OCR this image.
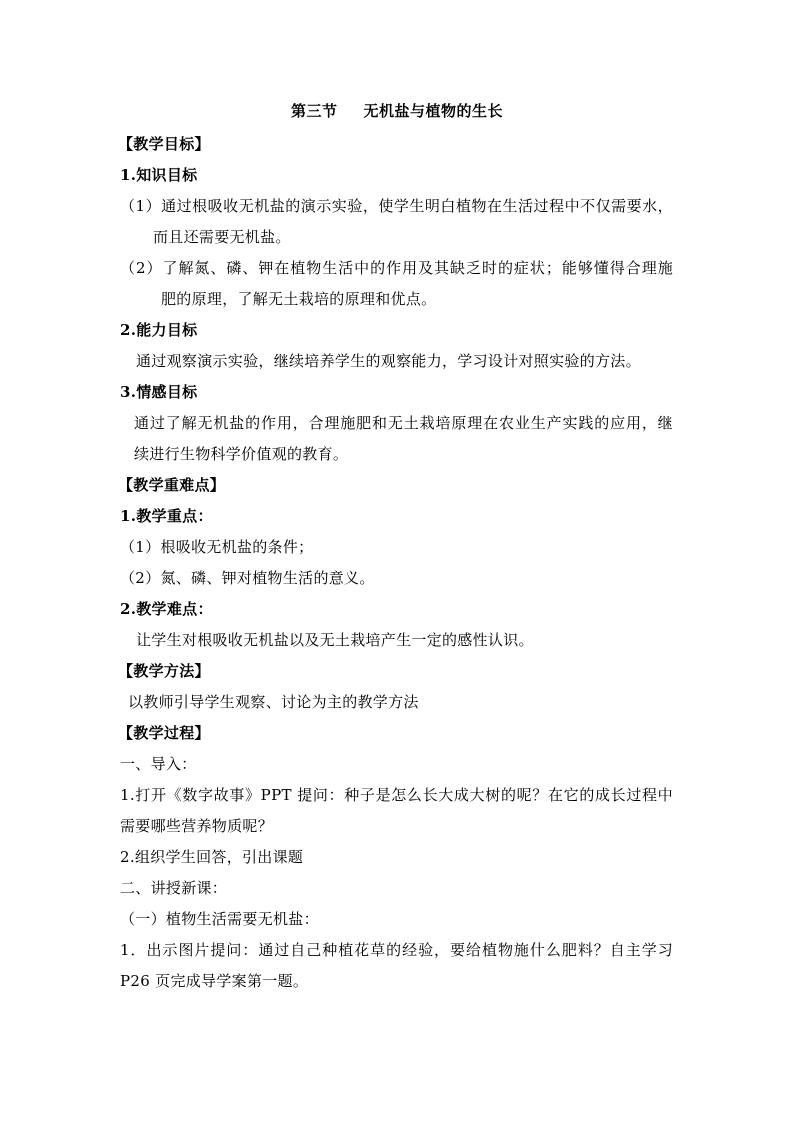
第三节 无机盐与植物的生长
【教学目标】
1.知识目标
（1）通过根吸收无机盐的演示实验，使学生明白植物在生活过程中不仅需要水，
而且还需要无机盐。
（2）了解氮、磷、钾在植物生活中的作用及其缺乏时的症状；能够懂得合理施
肥的原理，了解无土栽培的原理和优点。
2.能力目标
通过观察演示实验，继续培养学生的观察能力，学习设计对照实验的方法。
3.情感目标
通过了解无机盐的作用，合理施肥和无土栽培原理在农业生产实践的应用，继
续进行生物科学价值观的教育。
【教学重难点】
1.教学重点：
（1）根吸收无机盐的条件；
（2）氮、磷、钾对植物生活的意义。
2.教学难点：
让学生对根吸收无机盐以及无土栽培产生一定的感性认识。
【教学方法】
以教师引导学生观察、讨论为主的教学方法
【教学过程】
一、导入：
1.打开《数字故事》PPT 提问：种子是怎么长大成大树的呢？在它的成长过程中
需要哪些营养物质呢？
2.组织学生回答，引出课题
二、讲授新课：
（一）植物生活需要无机盐：
1．出示图片提问：通过自己种植花草的经验，要给植物施什么肥料？自主学习
P26 页完成导学案第一题。
